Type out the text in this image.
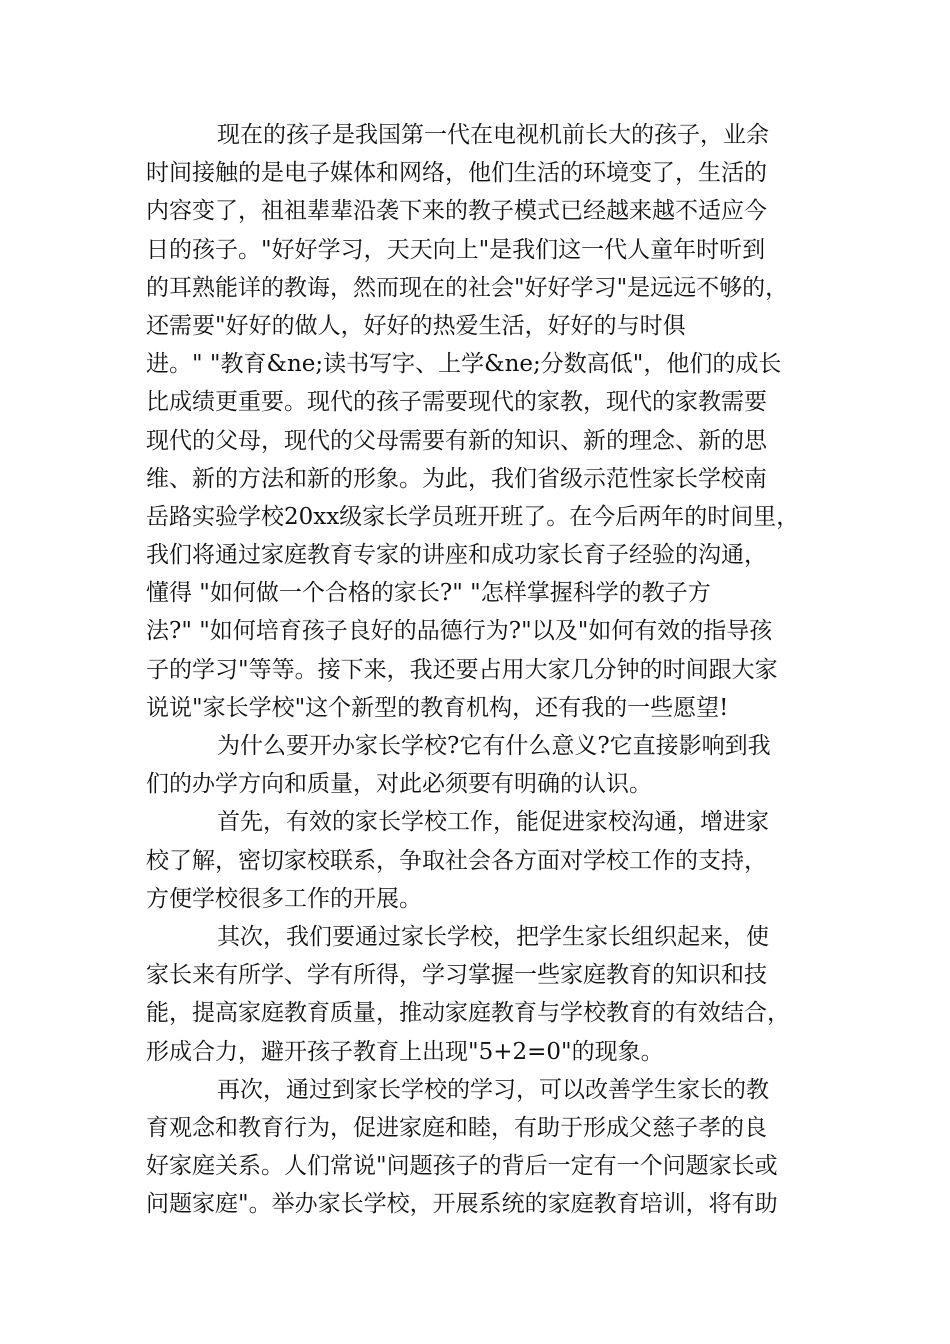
现在的孩子是我国第一代在电视机前长大的孩子，业余
时间接触的是电子媒体和网络，他们生活的环境变了，生活的
内容变了，祖祖辈辈沿袭下来的教子模式已经越来越不适应今
日的孩子。"好好学习，天天向上"是我们这一代人童年时听到
的耳熟能详的教诲，然而现在的社会"好好学习"是远远不够的，
还需要"好好的做人，好好的热爱生活，好好的与时俱
进。" "教育&ne;读书写字、上学&ne;分数高低"，他们的成长
比成绩更重要。现代的孩子需要现代的家教，现代的家教需要
现代的父母，现代的父母需要有新的知识、新的理念、新的思
维、新的方法和新的形象。为此，我们省级示范性家长学校南
岳路实验学校20xx级家长学员班开班了。在今后两年的时间里，
我们将通过家庭教育专家的讲座和成功家长育子经验的沟通，
懂得 "如何做一个合格的家长?" "怎样掌握科学的教子方
法?" "如何培育孩子良好的品德行为?"以及"如何有效的指导孩
子的学习"等等。接下来，我还要占用大家几分钟的时间跟大家
说说"家长学校"这个新型的教育机构，还有我的一些愿望!
为什么要开办家长学校?它有什么意义?它直接影响到我
们的办学方向和质量，对此必须要有明确的认识。
首先，有效的家长学校工作，能促进家校沟通，增进家
校了解，密切家校联系，争取社会各方面对学校工作的支持，
方便学校很多工作的开展。
其次，我们要通过家长学校，把学生家长组织起来，使
家长来有所学、学有所得，学习掌握一些家庭教育的知识和技
能，提高家庭教育质量，推动家庭教育与学校教育的有效结合，
形成合力，避开孩子教育上出现"5+2=0"的现象。
再次，通过到家长学校的学习，可以改善学生家长的教
育观念和教育行为，促进家庭和睦，有助于形成父慈子孝的良
好家庭关系。人们常说"问题孩子的背后一定有一个问题家长或
问题家庭"。举办家长学校，开展系统的家庭教育培训，将有助
